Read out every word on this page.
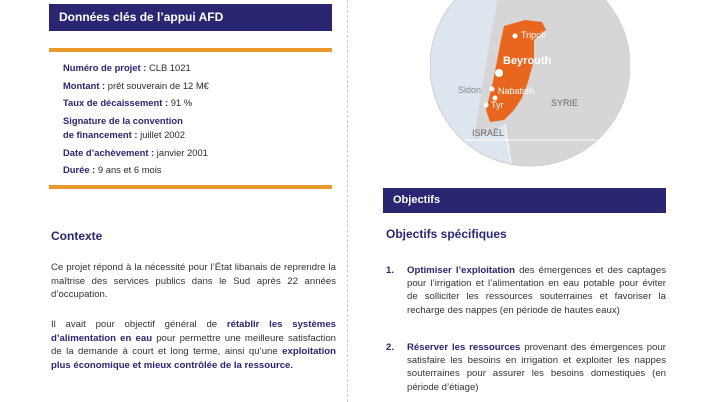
Données clés de l’appui AFD
Numéro de projet : CLB 1021
Montant : prêt souverain de 12 M€
Taux de décaissement : 91 %
Signature de la convention
de financement : juillet 2002
Date d’achèvement : janvier 2001
Durée : 9 ans et 6 mois
Contexte
Ce projet répond à la nécessité pour l’État libanais de reprendre la maîtrise des services publics dans le Sud après 22 années d’occupation.
Il avait pour objectif général de rétablir les systèmes d’alimentation en eau pour permettre une meilleure satisfaction de la demande à court et long terme, ainsi qu’une exploitation plus économique et mieux contrôlée de la ressource.
Tripoli
Beyrouth
Sidon Nabatieh
Tyr	SYRIE
ISRAËL
Objectifs
Objectifs spécifiques
1. Optimiser l’exploitation des émergences et des captages pour l’irrigation et l’alimentation en eau potable pour éviter de solliciter les ressources souterraines et favoriser la recharge des nappes (en période de hautes eaux)
2. Réserver les ressources provenant des émergences pour satisfaire les besoins en irrigation et exploiter les nappes souterraines pour assurer les besoins domestiques (en période d’étiage)
